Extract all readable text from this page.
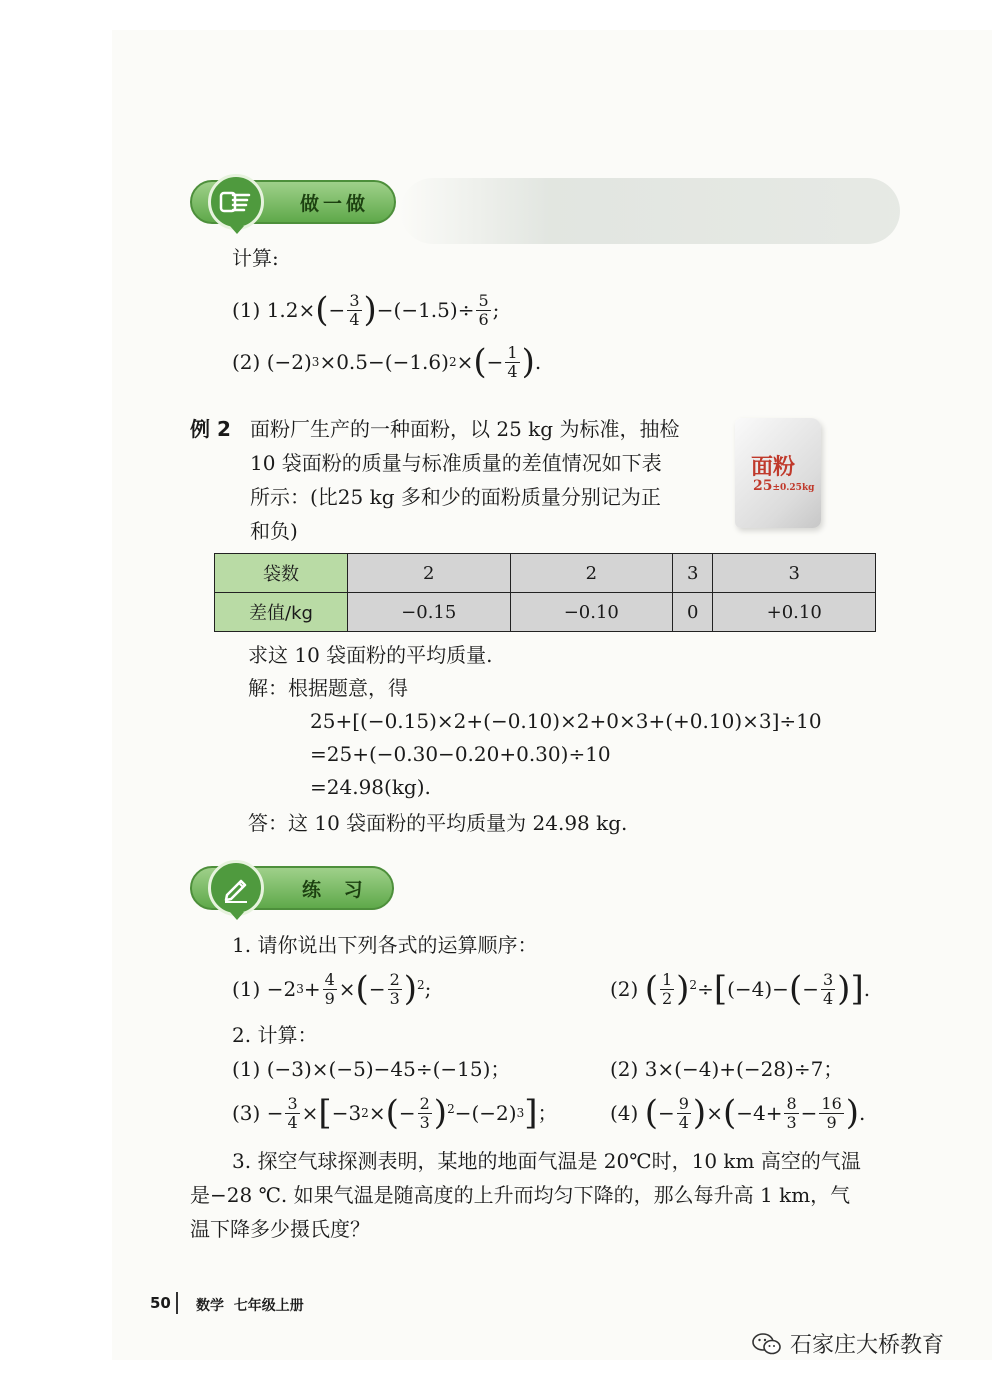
做一做
计算:
(1)
1.2× ( − $\frac{3}{4}$ ) $-(-1.5)\div \frac{5}{6}$ ;
(2)
(−2) 3 ×0.5−(−1.6) 2 × ( − $\frac{1}{4}$ ) .
例 2 面粉厂生产的一种面粉，以 25 kg 为标准，抽检
10 袋面粉的质量与标准质量的差值情况如下表
所示：(比25 kg 多和少的面粉质量分别记为正
和负)
面粉
25±0.25kg
袋数	2	2	3	3
差值/kg	−0.15	−0.10	0	+0.10
求这 10 袋面粉的平均质量.
解：根据题意，得
25+[(−0.15)×2+(−0.10)×2+0×3+(+0.10)×3]÷10
=25+(−0.30−0.20+0.30)÷10
=24.98(kg).
答：这 10 袋面粉的平均质量为 24.98 kg.
练 习
1. 请你说出下列各式的运算顺序：
(1)
−2 $3 + \frac{4}{9}$ × ( − $\frac{2}{3} )^2$ ;	(2)
( $\frac{1}{2} )^2$ ÷ [ (−4)− ( − $\frac{3}{4}$ ) ] .
2. 计算：
(1) (−3)×(−5)−45÷(−15)；	(2) 3×(−4)+(−28)÷7；
$(3) - \frac{3}{4}$ × [ −3 2 × ( − $\frac{2}{3} )^2 -(-2)$ 3 ] ；	(4)
( − $\frac{9}{4}$ ) × ( $-4+ \frac{8}{3} - \frac{16}{9}$ ) .
3. 探空气球探测表明，某地的地面气温是 20℃时，10 km 高空的气温
是−28 ℃. 如果气温是随高度的上升而均匀下降的，那么每升高 1 km，气
温下降多少摄氏度？
50 数学  七年级上册
石家庄大桥教育
